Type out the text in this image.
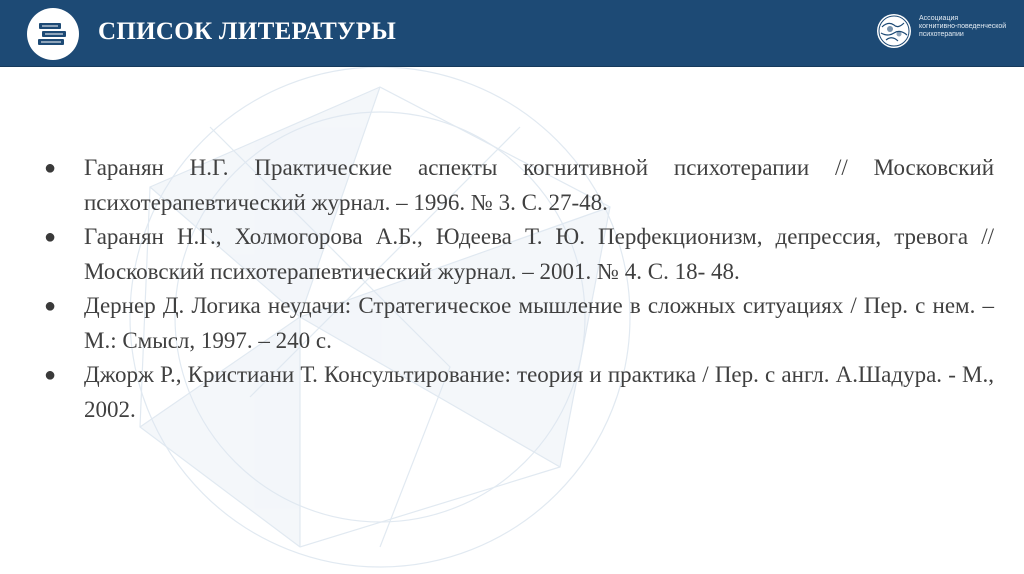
СПИСОК ЛИТЕРАТУРЫ	Ассоциация
когнитивно-поведенческой
психотерапии
● Гаранян Н.Г. Практические аспекты когнитивной психотерапии // Московский психотерапевтический журнал. – 1996. № 3. С. 27-48.
● Гаранян Н.Г., Холмогорова А.Б., Юдеева Т. Ю. Перфекционизм, депрессия, тревога // Московский психотерапевтический журнал. – 2001. № 4. С. 18- 48.
● Дернер Д. Логика неудачи: Стратегическое мышление в сложных ситуациях / Пер. с нем. – М.: Смысл, 1997. – 240 с.
● Джорж Р., Кристиани Т. Консультирование: теория и практика / Пер. с англ. А.Шадура. - М., 2002.
